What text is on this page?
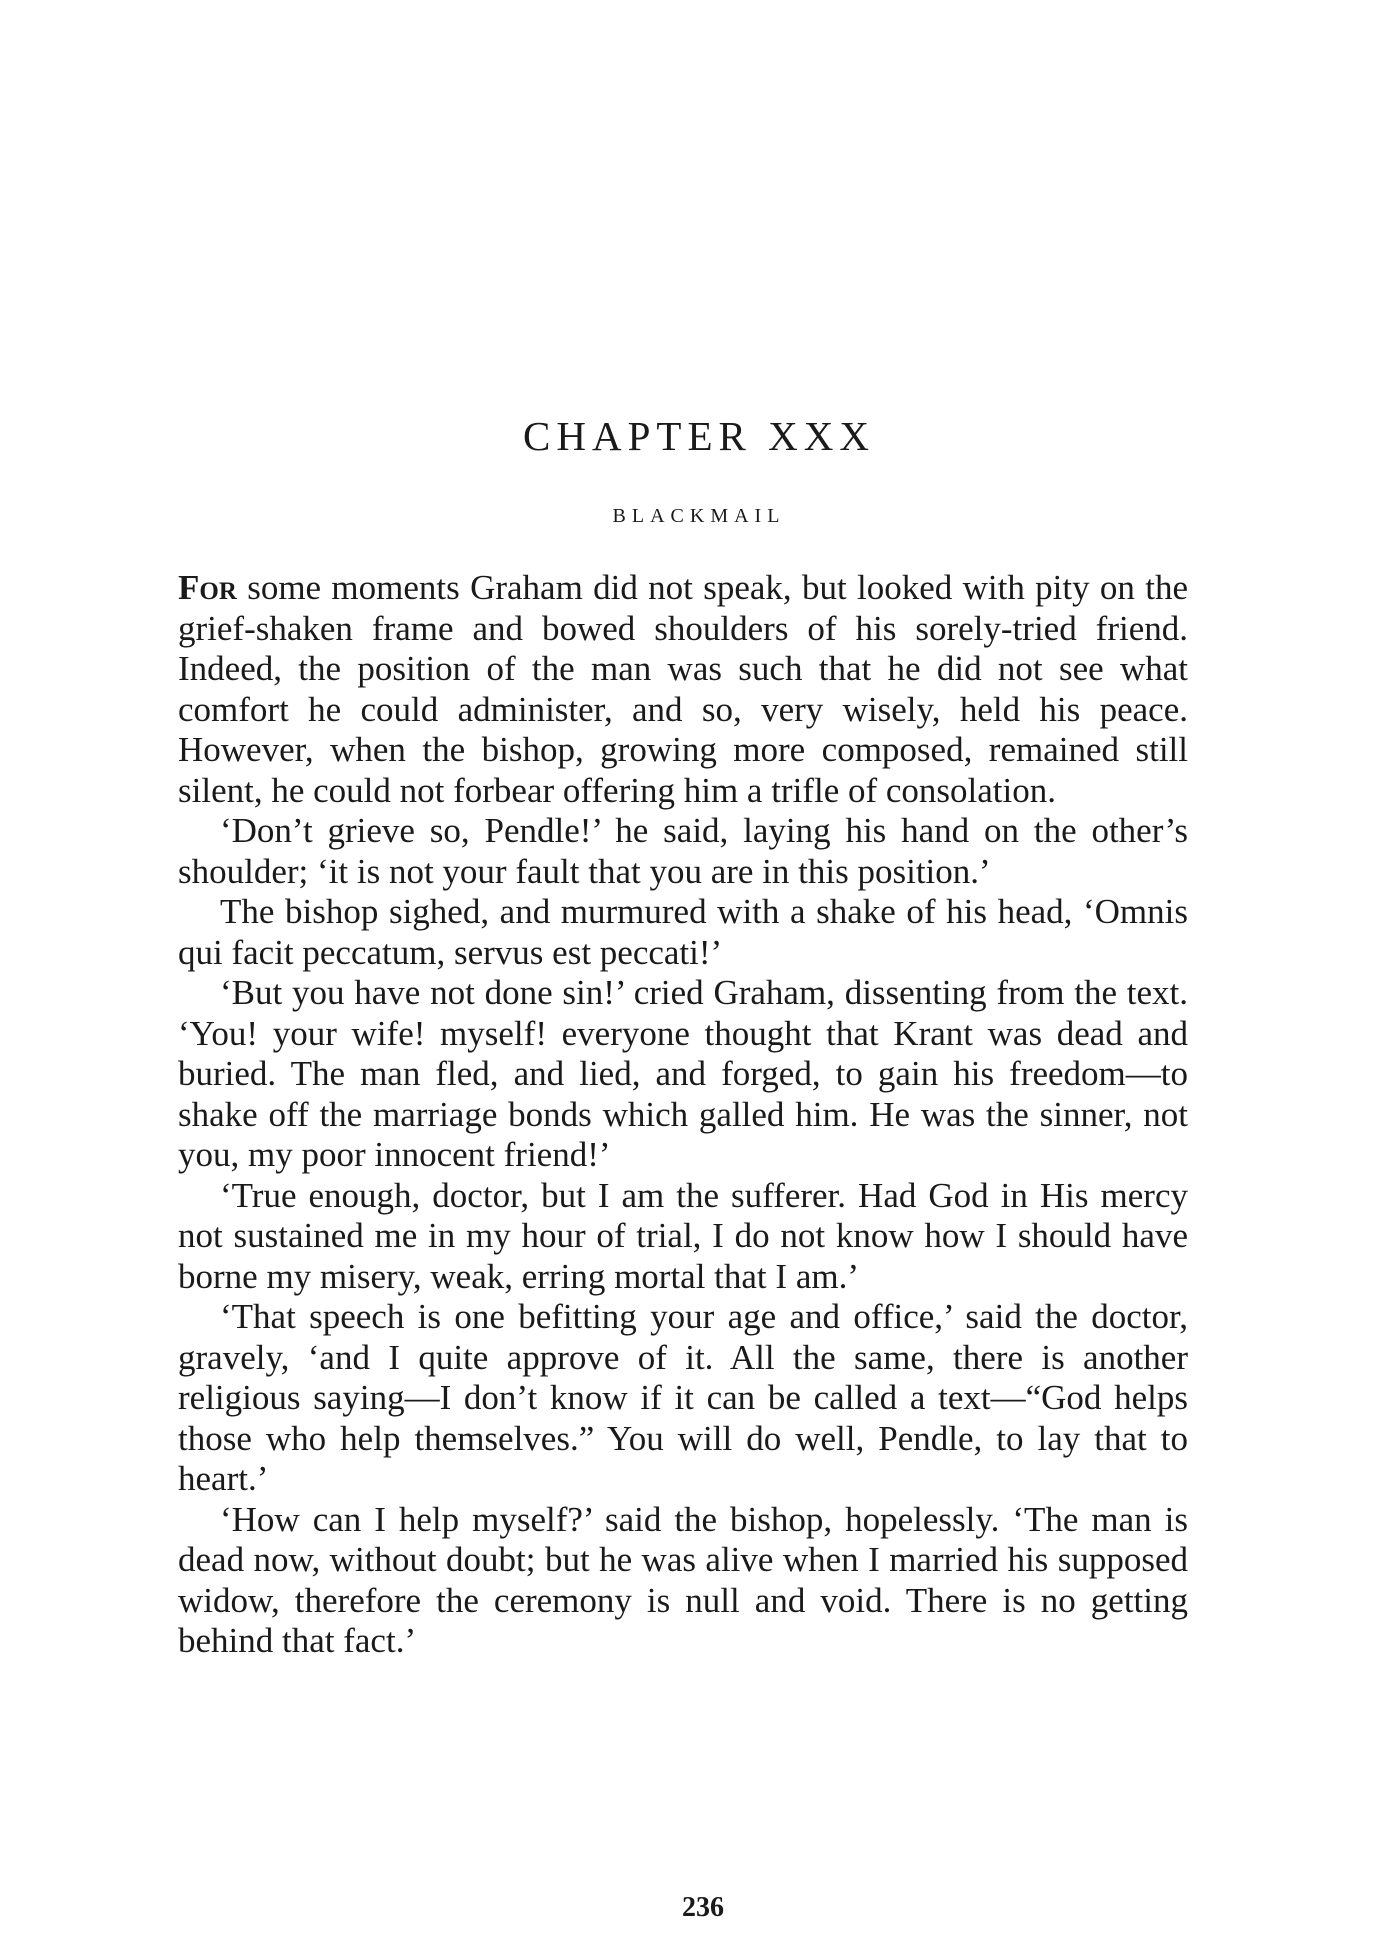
CHAPTER XXX
BLACKMAIL

For some moments Graham did not speak, but looked with pity on the grief-shaken frame and bowed shoulders of his sorely-tried friend. Indeed, the position of the man was such that he did not see what comfort he could administer, and so, very wisely, held his peace. However, when the bishop, growing more composed, remained still silent, he could not forbear offering him a trifle of consolation.

‘Don’t grieve so, Pendle!’ he said, laying his hand on the other’s shoulder; ‘it is not your fault that you are in this position.’

The bishop sighed, and murmured with a shake of his head, ‘Omnis qui facit peccatum, servus est peccati!’

‘But you have not done sin!’ cried Graham, dissenting from the text. ‘You! your wife! myself! everyone thought that Krant was dead and buried. The man fled, and lied, and forged, to gain his freedom—to shake off the marriage bonds which galled him. He was the sinner, not you, my poor innocent friend!’

‘True enough, doctor, but I am the sufferer. Had God in His mercy not sustained me in my hour of trial, I do not know how I should have borne my misery, weak, erring mortal that I am.’

‘That speech is one befitting your age and office,’ said the doctor, gravely, ‘and I quite approve of it. All the same, there is another religious saying—I don’t know if it can be called a text—“God helps those who help themselves.” You will do well, Pendle, to lay that to heart.’

‘How can I help myself?’ said the bishop, hopelessly. ‘The man is dead now, without doubt; but he was alive when I married his supposed widow, therefore the ceremony is null and void. There is no getting behind that fact.’

236
